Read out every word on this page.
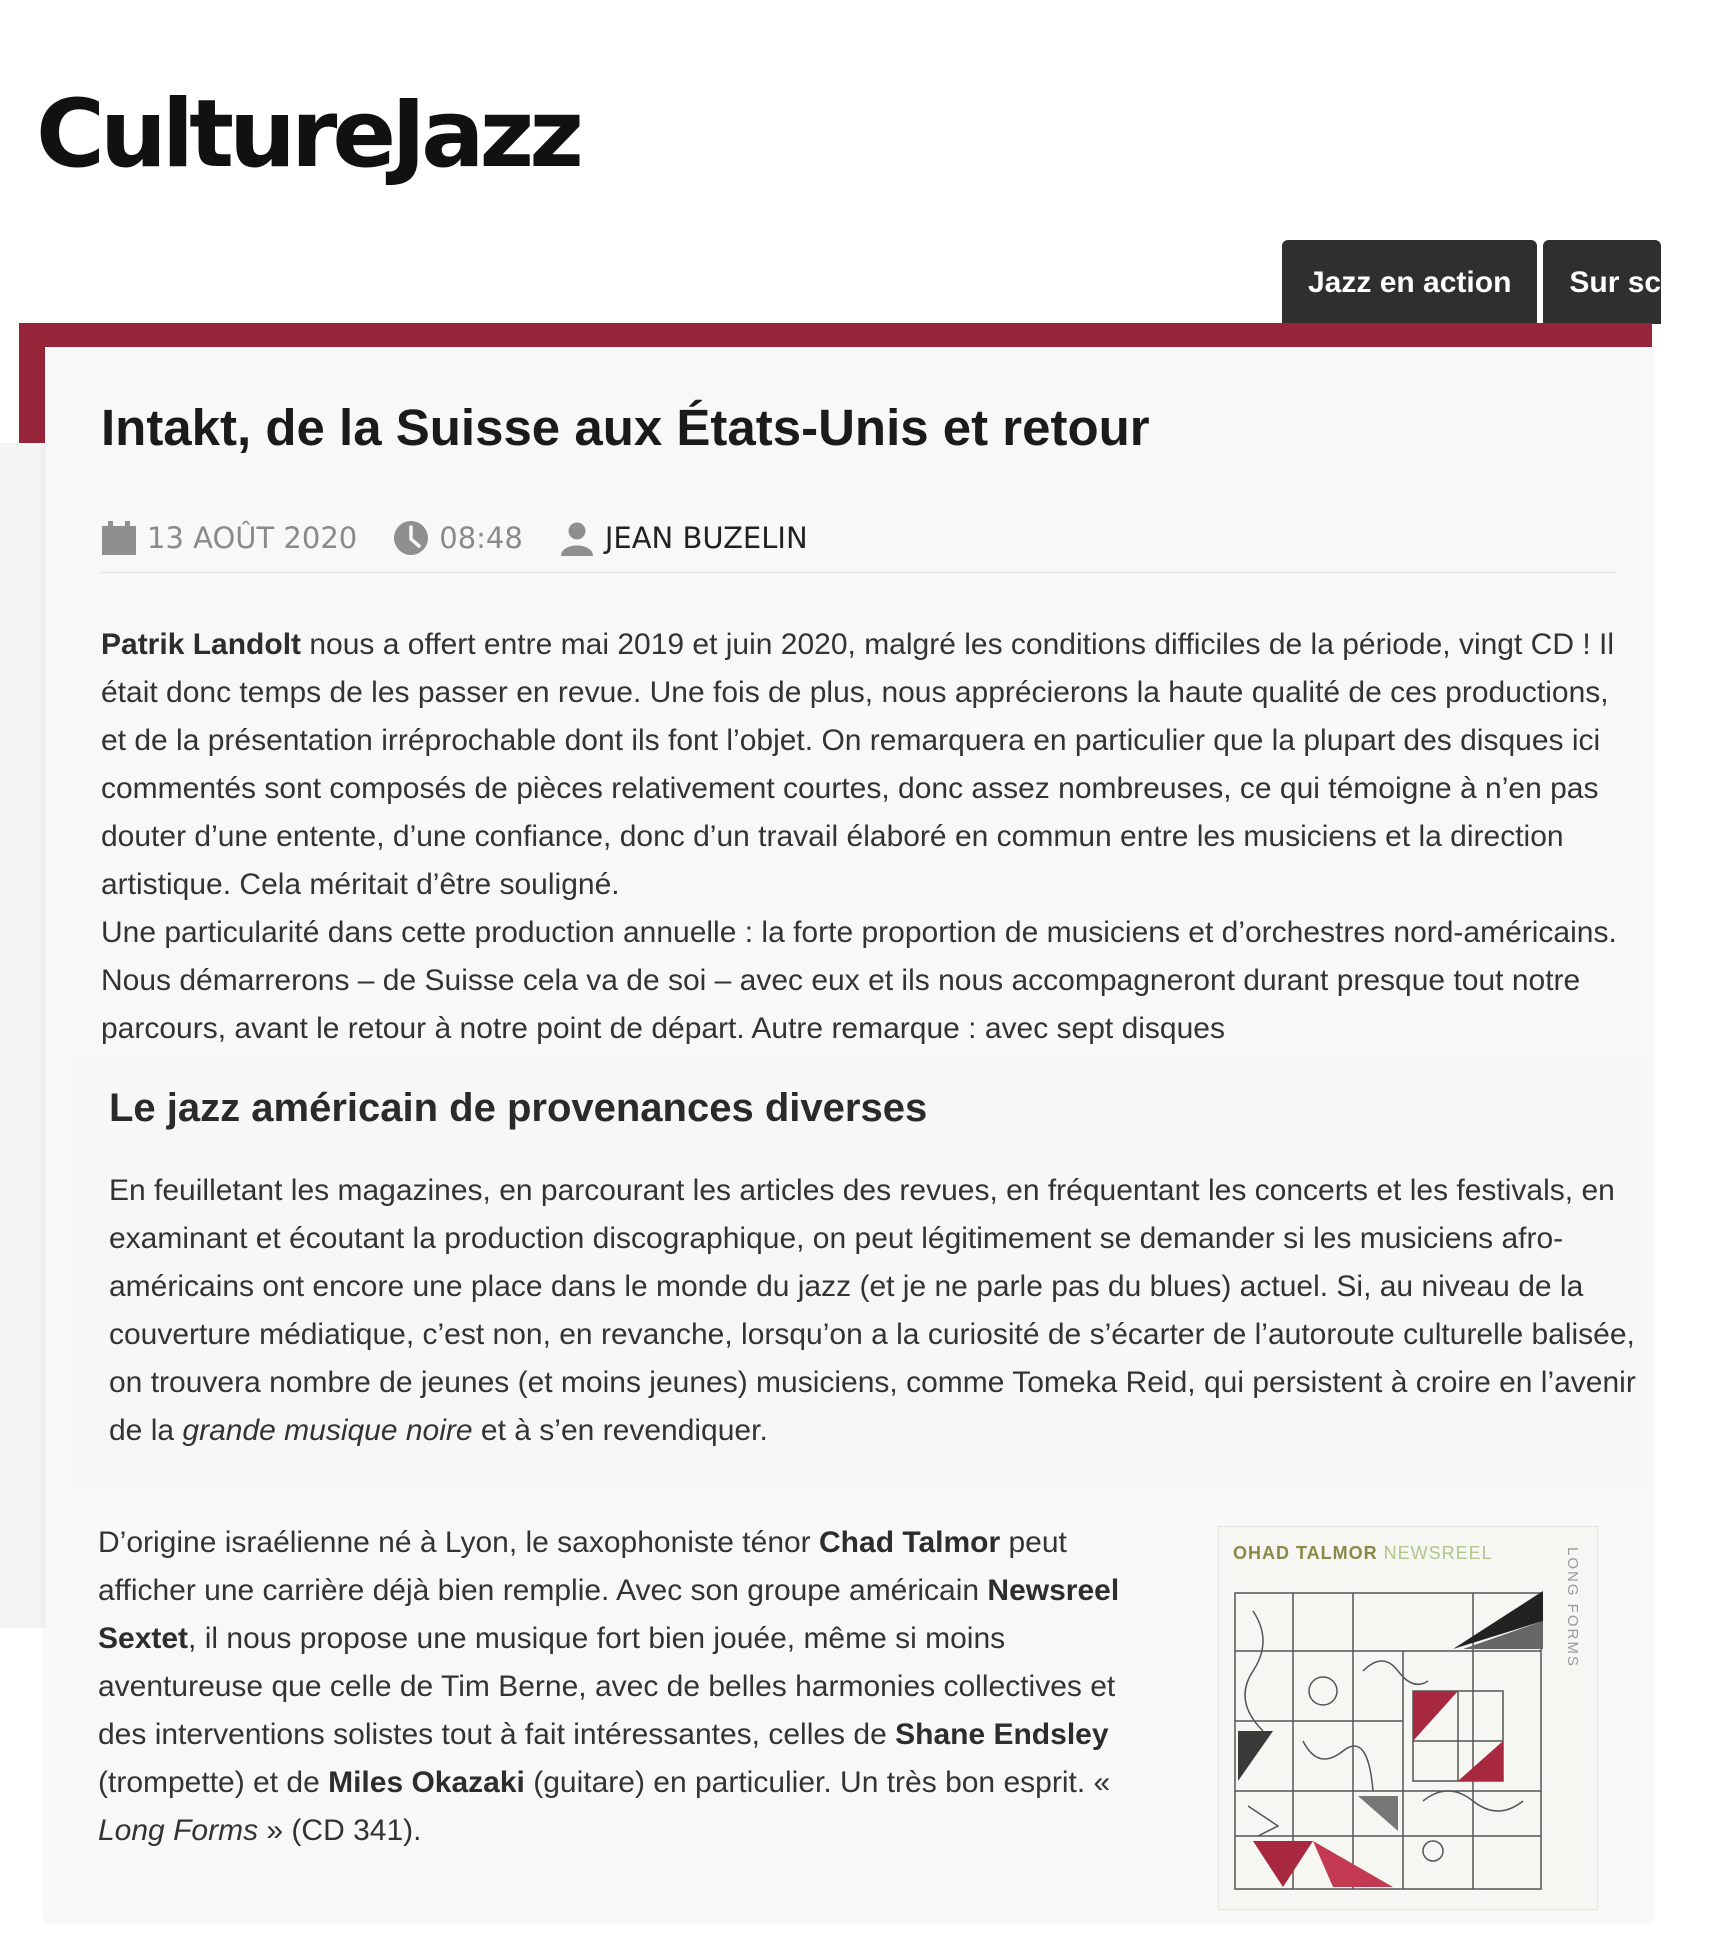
CultureJazz
Jazz en action	Sur scène
Intakt, de la Suisse aux États-Unis et retour
13 AOÛT 2020	08:48	JEAN BUZELIN

Patrik Landolt nous a offert entre mai 2019 et juin 2020, malgré les conditions difficiles de la période, vingt CD ! Il était donc temps de les passer en revue. Une fois de plus, nous apprécierons la haute qualité de ces productions, et de la présentation irréprochable dont ils font l’objet. On remarquera en particulier que la plupart des disques ici commentés sont composés de pièces relativement courtes, donc assez nombreuses, ce qui témoigne à n’en pas douter d’une entente, d’une confiance, donc d’un travail élaboré en commun entre les musiciens et la direction artistique. Cela méritait d’être souligné.

Une particularité dans cette production annuelle : la forte proportion de musiciens et d’orchestres nord-américains. Nous démarrerons – de Suisse cela va de soi – avec eux et ils nous accompagneront durant presque tout notre parcours, avant le retour à notre point de départ. Autre remarque : avec sept disques

Le jazz américain de provenances diverses

En feuilletant les magazines, en parcourant les articles des revues, en fréquentant les concerts et les festivals, en examinant et écoutant la production discographique, on peut légitimement se demander si les musiciens afro-américains ont encore une place dans le monde du jazz (et je ne parle pas du blues) actuel. Si, au niveau de la couverture médiatique, c’est non, en revanche, lorsqu’on a la curiosité de s’écarter de l’autoroute culturelle balisée, on trouvera nombre de jeunes (et moins jeunes) musiciens, comme Tomeka Reid, qui persistent à croire en l’avenir de la grande musique noire et à s’en revendiquer.

D’origine israélienne né à Lyon, le saxophoniste ténor Chad Talmor peut afficher une carrière déjà bien remplie. Avec son groupe américain Newsreel Sextet, il nous propose une musique fort bien jouée, même si moins aventureuse que celle de Tim Berne, avec de belles harmonies collectives et des interventions solistes tout à fait intéressantes, celles de Shane Endsley (trompette) et de Miles Okazaki (guitare) en particulier. Un très bon esprit. « Long Forms » (CD 341).

OHAD TALMOR NEWSREEL	LONG FORMS
